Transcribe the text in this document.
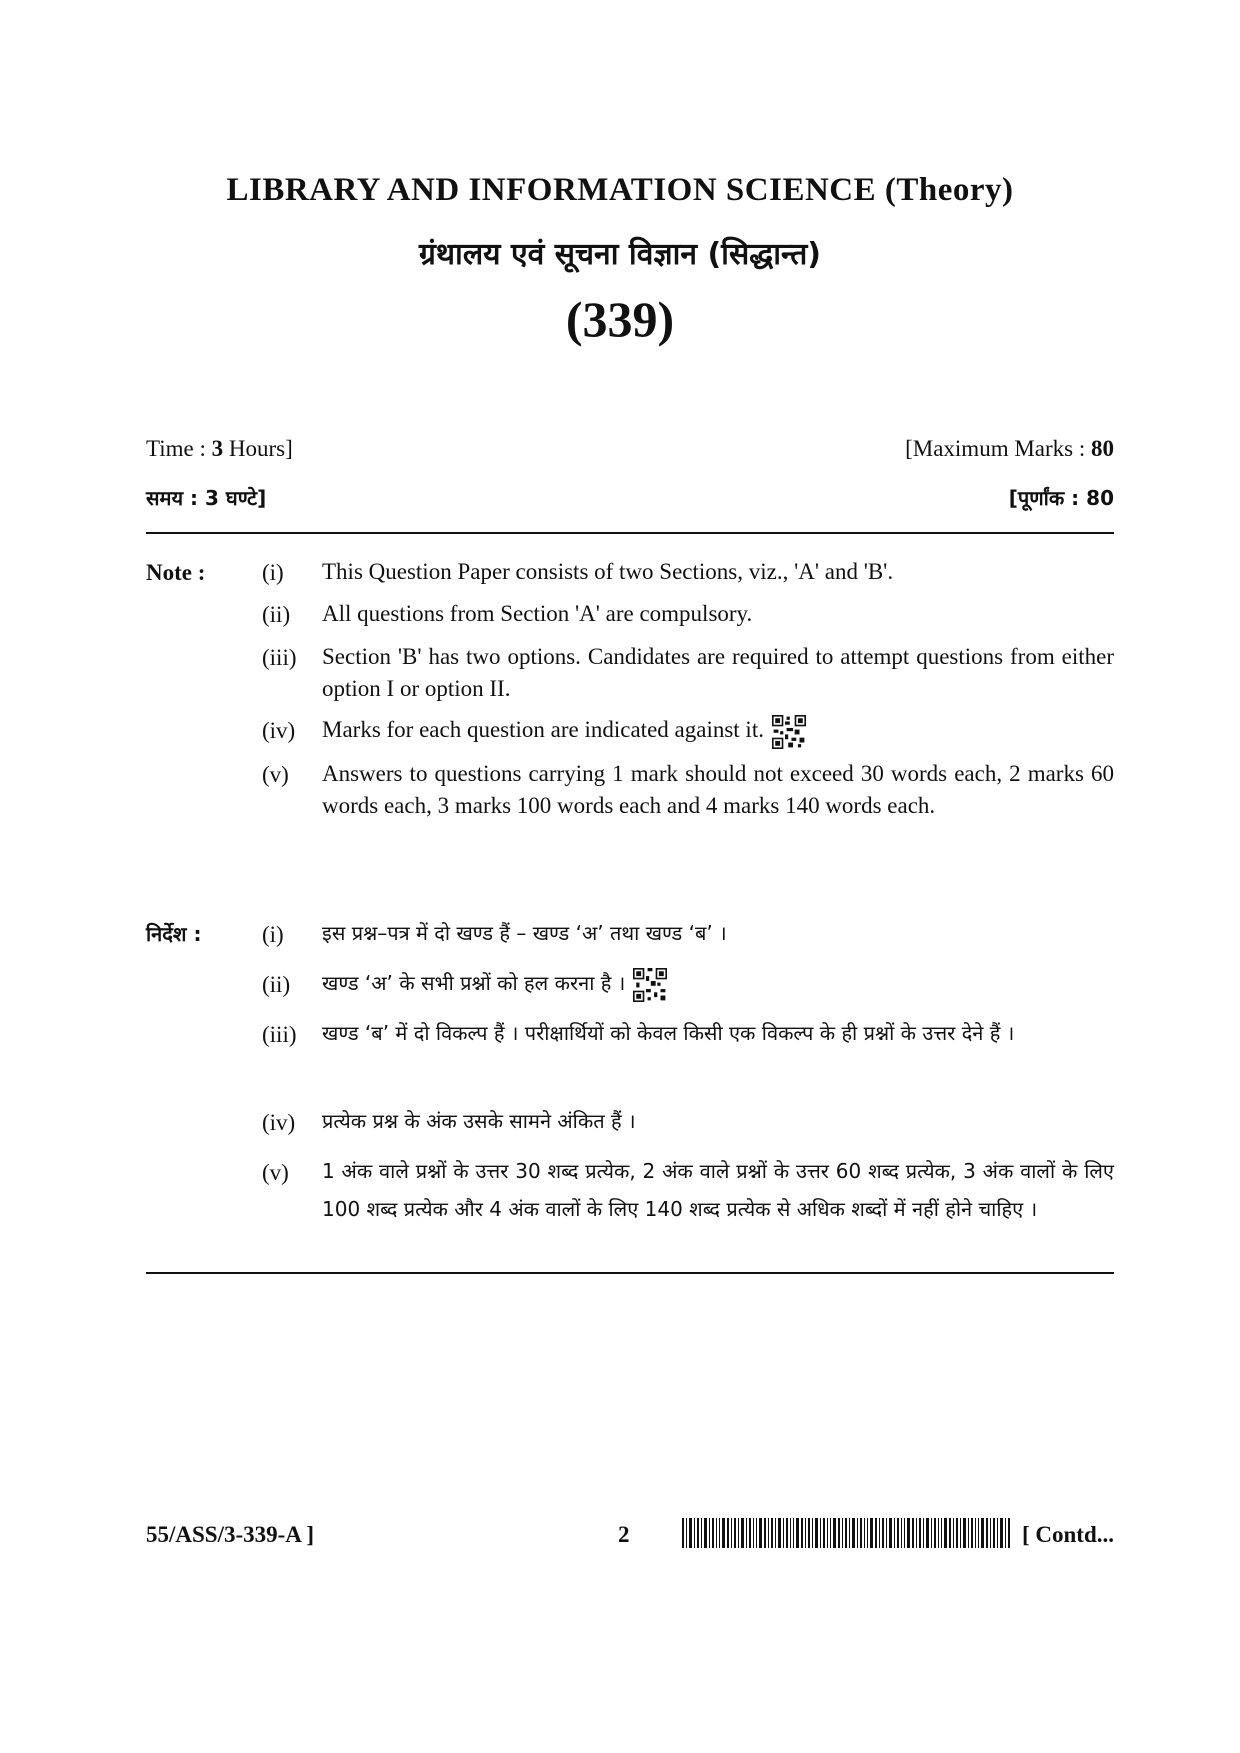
LIBRARY AND INFORMATION SCIENCE (Theory)
ग्रंथालय एवं सूचना विज्ञान (सिद्धान्त)
(339)
Time : 3 Hours]	[Maximum Marks : 80
समय : 3 घण्टे]	[पूर्णांक : 80
Note : (i) This Question Paper consists of two Sections, viz., 'A' and 'B'.
(ii) All questions from Section 'A' are compulsory.
(iii) Section 'B' has two options. Candidates are required to attempt questions from either option I or option II.
(iv) Marks for each question are indicated against it.
(v) Answers to questions carrying 1 mark should not exceed 30 words each, 2 marks 60 words each, 3 marks 100 words each and 4 marks 140 words each.
निर्देश :	(i) इस प्रश्न–पत्र में दो खण्ड हैं – खण्ड ‘अ’ तथा खण्ड ‘ब’ ।
(ii) खण्ड ‘अ’ के सभी प्रश्नों को हल करना है ।
(iii) खण्ड ‘ब’ में दो विकल्प हैं । परीक्षार्थियों को केवल किसी एक विकल्प के ही प्रश्नों के उत्तर देने हैं ।
(iv) प्रत्येक प्रश्न के अंक उसके सामने अंकित हैं ।
(v) 1 अंक वाले प्रश्नों के उत्तर 30 शब्द प्रत्येक, 2 अंक वाले प्रश्नों के उत्तर 60 शब्द प्रत्येक, 3 अंक वालों के लिए 100 शब्द प्रत्येक और 4 अंक वालों के लिए 140 शब्द प्रत्येक से अधिक शब्दों में नहीं होने चाहिए ।
55/ASS/3-339-A ]	2	[ Contd...
